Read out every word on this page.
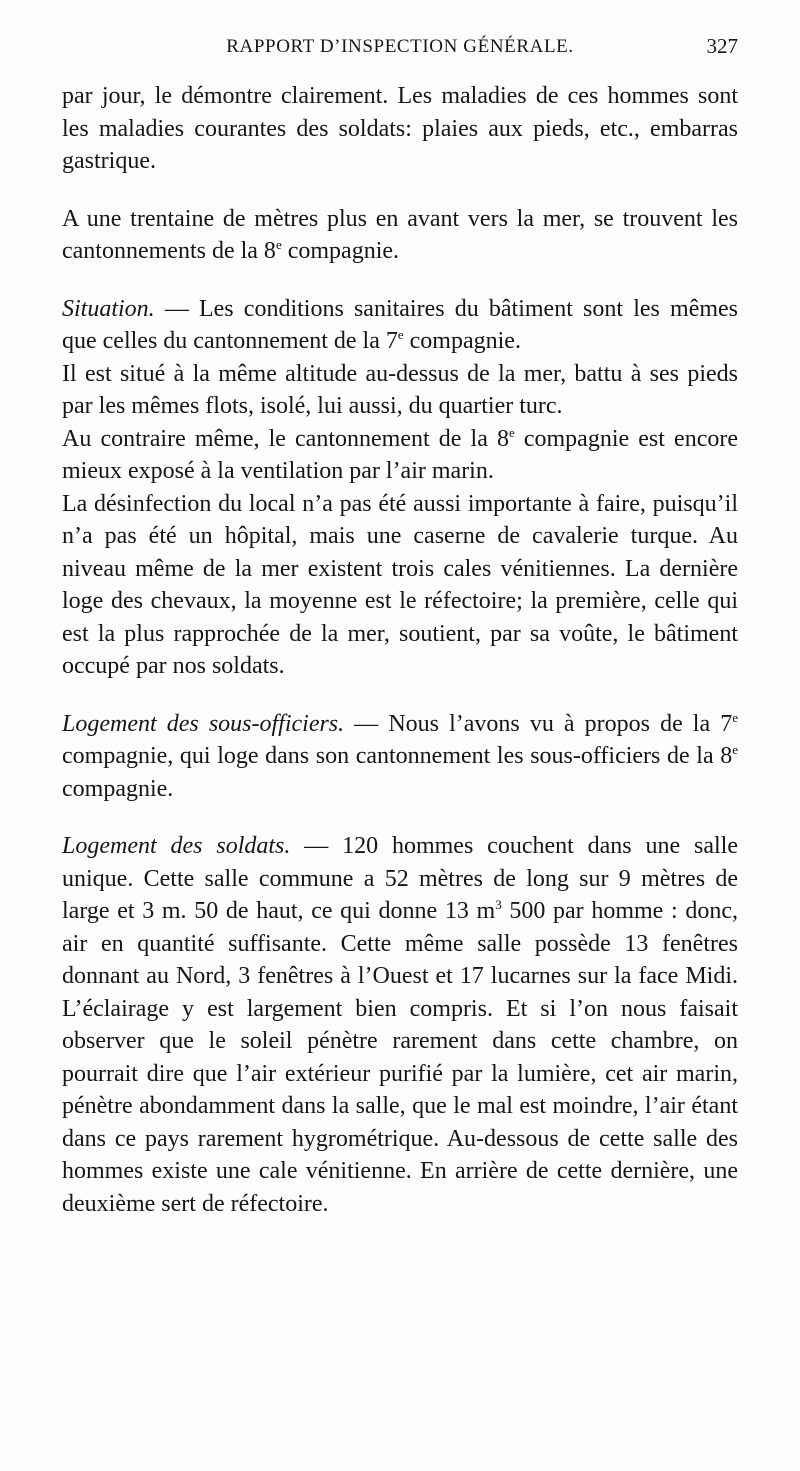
RAPPORT D’INSPECTION GÉNÉRALE.	327

par jour, le démontre clairement. Les maladies de ces hommes sont les maladies courantes des soldats: plaies aux pieds, etc., embarras gastrique.

A une trentaine de mètres plus en avant vers la mer, se trouvent les cantonnements de la 8e compagnie.

Situation. — Les conditions sanitaires du bâtiment sont les mêmes que celles du cantonnement de la 7e compagnie.

Il est situé à la même altitude au-dessus de la mer, battu à ses pieds par les mêmes flots, isolé, lui aussi, du quartier turc.

Au contraire même, le cantonnement de la 8e compagnie est encore mieux exposé à la ventilation par l’air marin.

La désinfection du local n’a pas été aussi importante à faire, puisqu’il n’a pas été un hôpital, mais une caserne de cavalerie turque. Au niveau même de la mer existent trois cales vénitiennes. La dernière loge des chevaux, la moyenne est le réfectoire; la première, celle qui est la plus rapprochée de la mer, soutient, par sa voûte, le bâtiment occupé par nos soldats.

Logement des sous-officiers. — Nous l’avons vu à propos de la 7e compagnie, qui loge dans son cantonnement les sous-officiers de la 8e compagnie.

Logement des soldats. — 120 hommes couchent dans une salle unique. Cette salle commune a 52 mètres de long sur 9 mètres de large et 3 m. 50 de haut, ce qui donne 13 $m^3$ 500 par homme : donc, air en quantité suffisante. Cette même salle possède 13 fenêtres donnant au Nord, 3 fenêtres à l’Ouest et 17 lucarnes sur la face Midi. L’éclairage y est largement bien compris. Et si l’on nous faisait observer que le soleil pénètre rarement dans cette chambre, on pourrait dire que l’air extérieur purifié par la lumière, cet air marin, pénètre abondamment dans la salle, que le mal est moindre, l’air étant dans ce pays rarement hygrométrique. Au-dessous de cette salle des hommes existe une cale vénitienne. En arrière de cette dernière, une deuxième sert de réfectoire.
